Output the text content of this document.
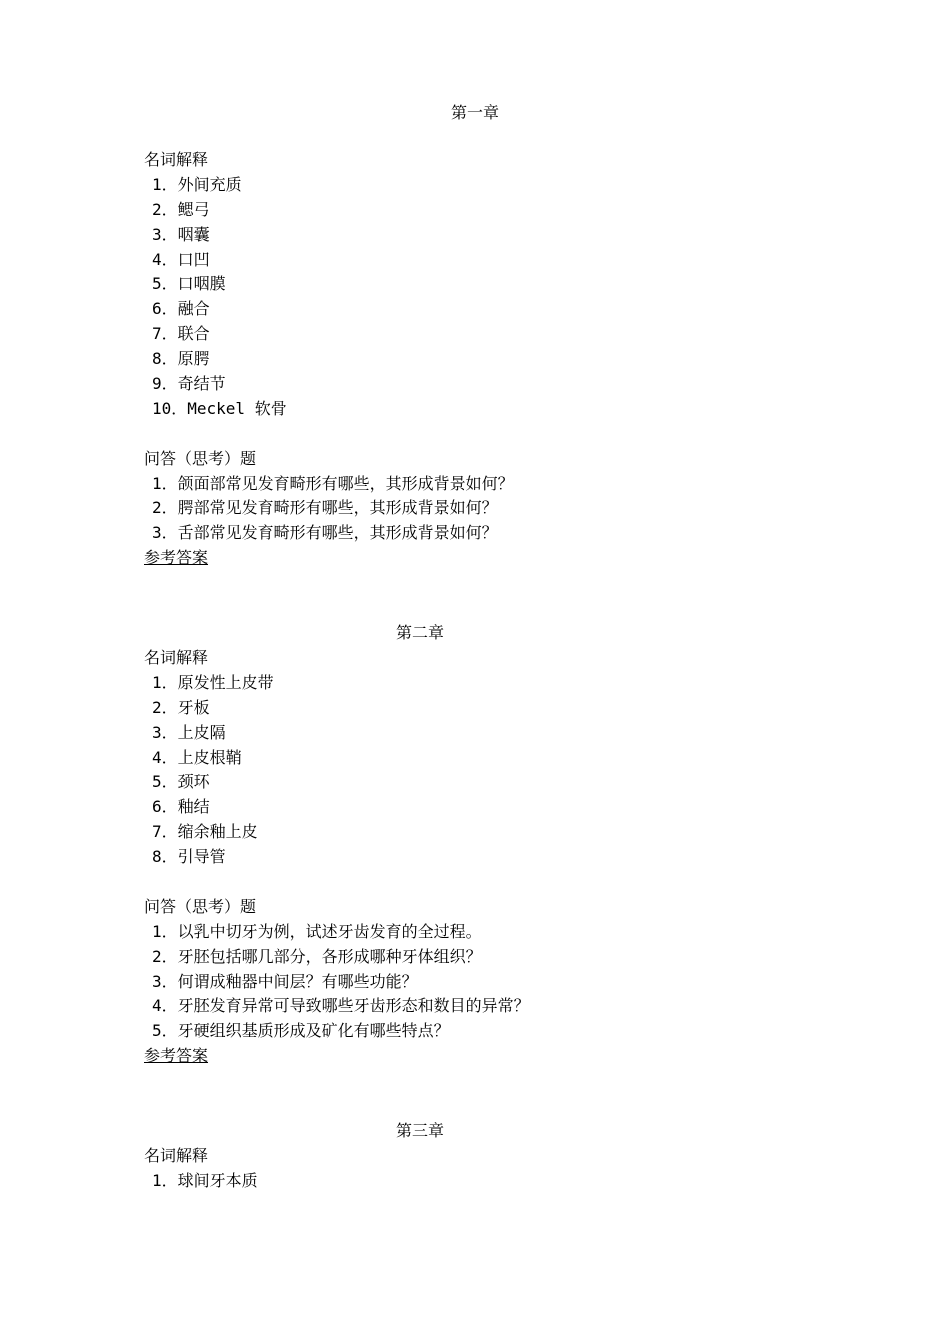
第一章
名词解释
1．外间充质
2．鳃弓
3．咽囊
4．口凹
5．口咽膜
6．融合
7．联合
8．原腭
9．奇结节
10．Meckel 软骨
问答（思考）题
1．颌面部常见发育畸形有哪些，其形成背景如何？
2．腭部常见发育畸形有哪些，其形成背景如何？
3．舌部常见发育畸形有哪些，其形成背景如何？
参考答案
第二章
名词解释
1．原发性上皮带
2．牙板
3．上皮隔
4．上皮根鞘
5．颈环
6．釉结
7．缩余釉上皮
8．引导管
问答（思考）题
1．以乳中切牙为例，试述牙齿发育的全过程。
2．牙胚包括哪几部分，各形成哪种牙体组织？
3．何谓成釉器中间层？有哪些功能？
4．牙胚发育异常可导致哪些牙齿形态和数目的异常？
5．牙硬组织基质形成及矿化有哪些特点？
参考答案
第三章
名词解释
1．球间牙本质
